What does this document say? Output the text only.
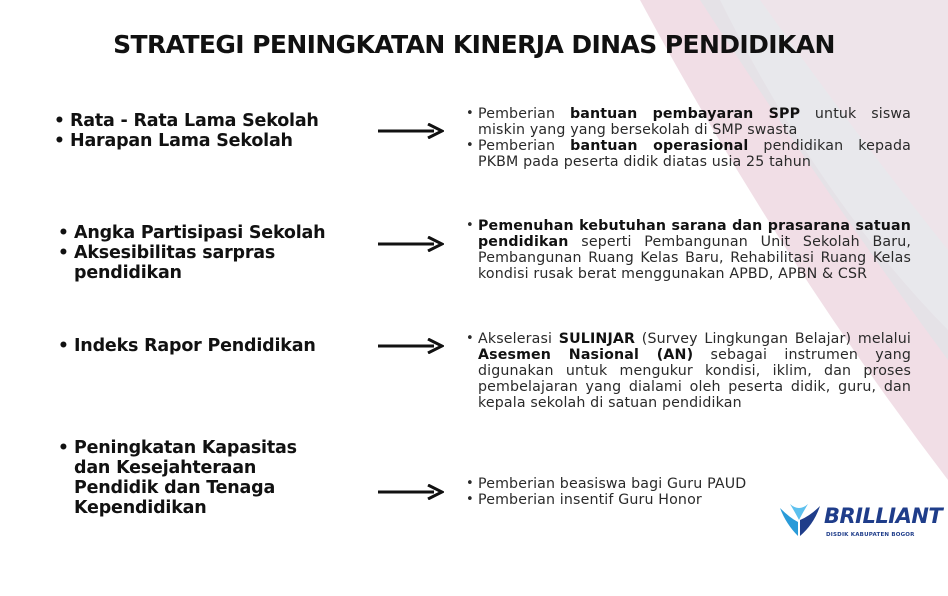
STRATEGI PENINGKATAN KINERJA DINAS PENDIDIKAN
• Rata - Rata Lama Sekolah
• Harapan Lama Sekolah
• Pemberian bantuan pembayaran SPP untuk siswa miskin yang yang bersekolah di SMP swasta
• Pemberian bantuan operasional pendidikan kepada PKBM pada peserta didik diatas usia 25 tahun
• Angka Partisipasi Sekolah
• Aksesibilitas sarpras pendidikan
• Pemenuhan kebutuhan sarana dan prasarana satuan pendidikan seperti Pembangunan Unit Sekolah Baru, Pembangunan Ruang Kelas Baru, Rehabilitasi Ruang Kelas kondisi rusak berat menggunakan APBD, APBN & CSR
• Indeks Rapor Pendidikan
•	Akselerasi SULINJAR (Survey Lingkungan Belajar) melalui Asesmen Nasional (AN) sebagai instrumen yang digunakan untuk mengukur kondisi, iklim, dan proses pembelajaran yang dialami oleh peserta didik, guru, dan kepala sekolah di satuan pendidikan
• Peningkatan Kapasitas dan Kesejahteraan Pendidik dan Tenaga Kependidikan
• Pemberian beasiswa bagi Guru PAUD
• Pemberian insentif Guru Honor
BRILLIANT
DISDIK KABUPATEN BOGOR
